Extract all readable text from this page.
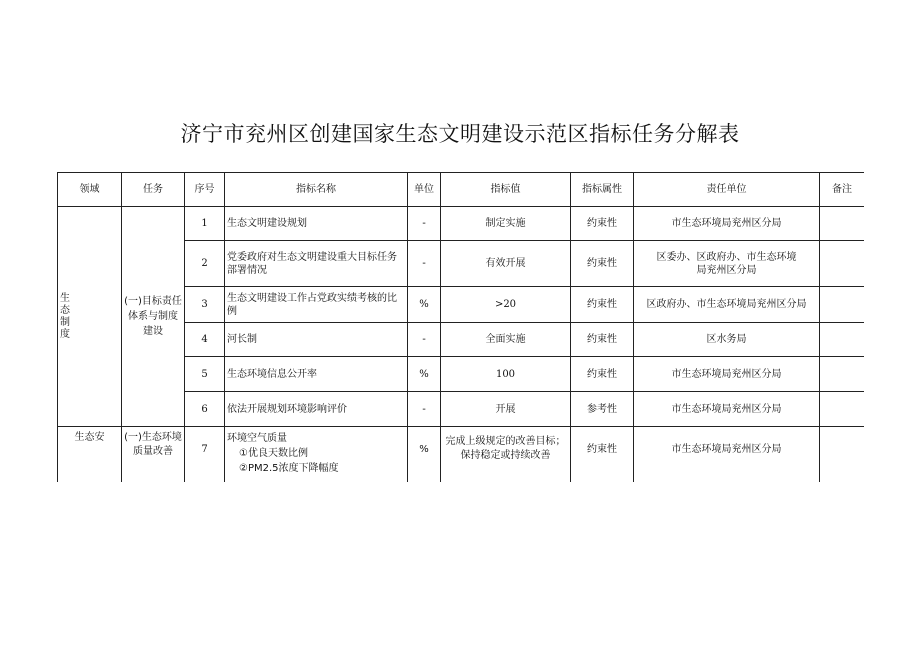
济宁市兖州区创建国家生态文明建设示范区指标任务分解表
领域	任务	序号	指标名称	单位	指标值	指标属性	责任单位	备注

生态制度	(一)目标责任体系与制度建设	1	生态文明建设规划	-	制定实施	约束性	市生态环境局兖州区分局	
		2	党委政府对生态文明建设重大目标任务部署情况	-	有效开展	约束性	区委办、区政府办、市生态环境局兖州区分局	
		3	生态文明建设工作占党政实绩考核的比例	%	>20	约束性	区政府办、市生态环境局兖州区分局	
		4	河长制	-	全面实施	约束性	区水务局	
		5	生态环境信息公开率	%	100	约束性	市生态环境局兖州区分局	
		6	依法开展规划环境影响评价	-	开展	参考性	市生态环境局兖州区分局	
生态安	(一)生态环境质量改善	7	环境空气质量
①优良天数比例
②PM2.5浓度下降幅度	%	完成上级规定的改善目标；保持稳定或持续改善	约束性	市生态环境局兖州区分局	
